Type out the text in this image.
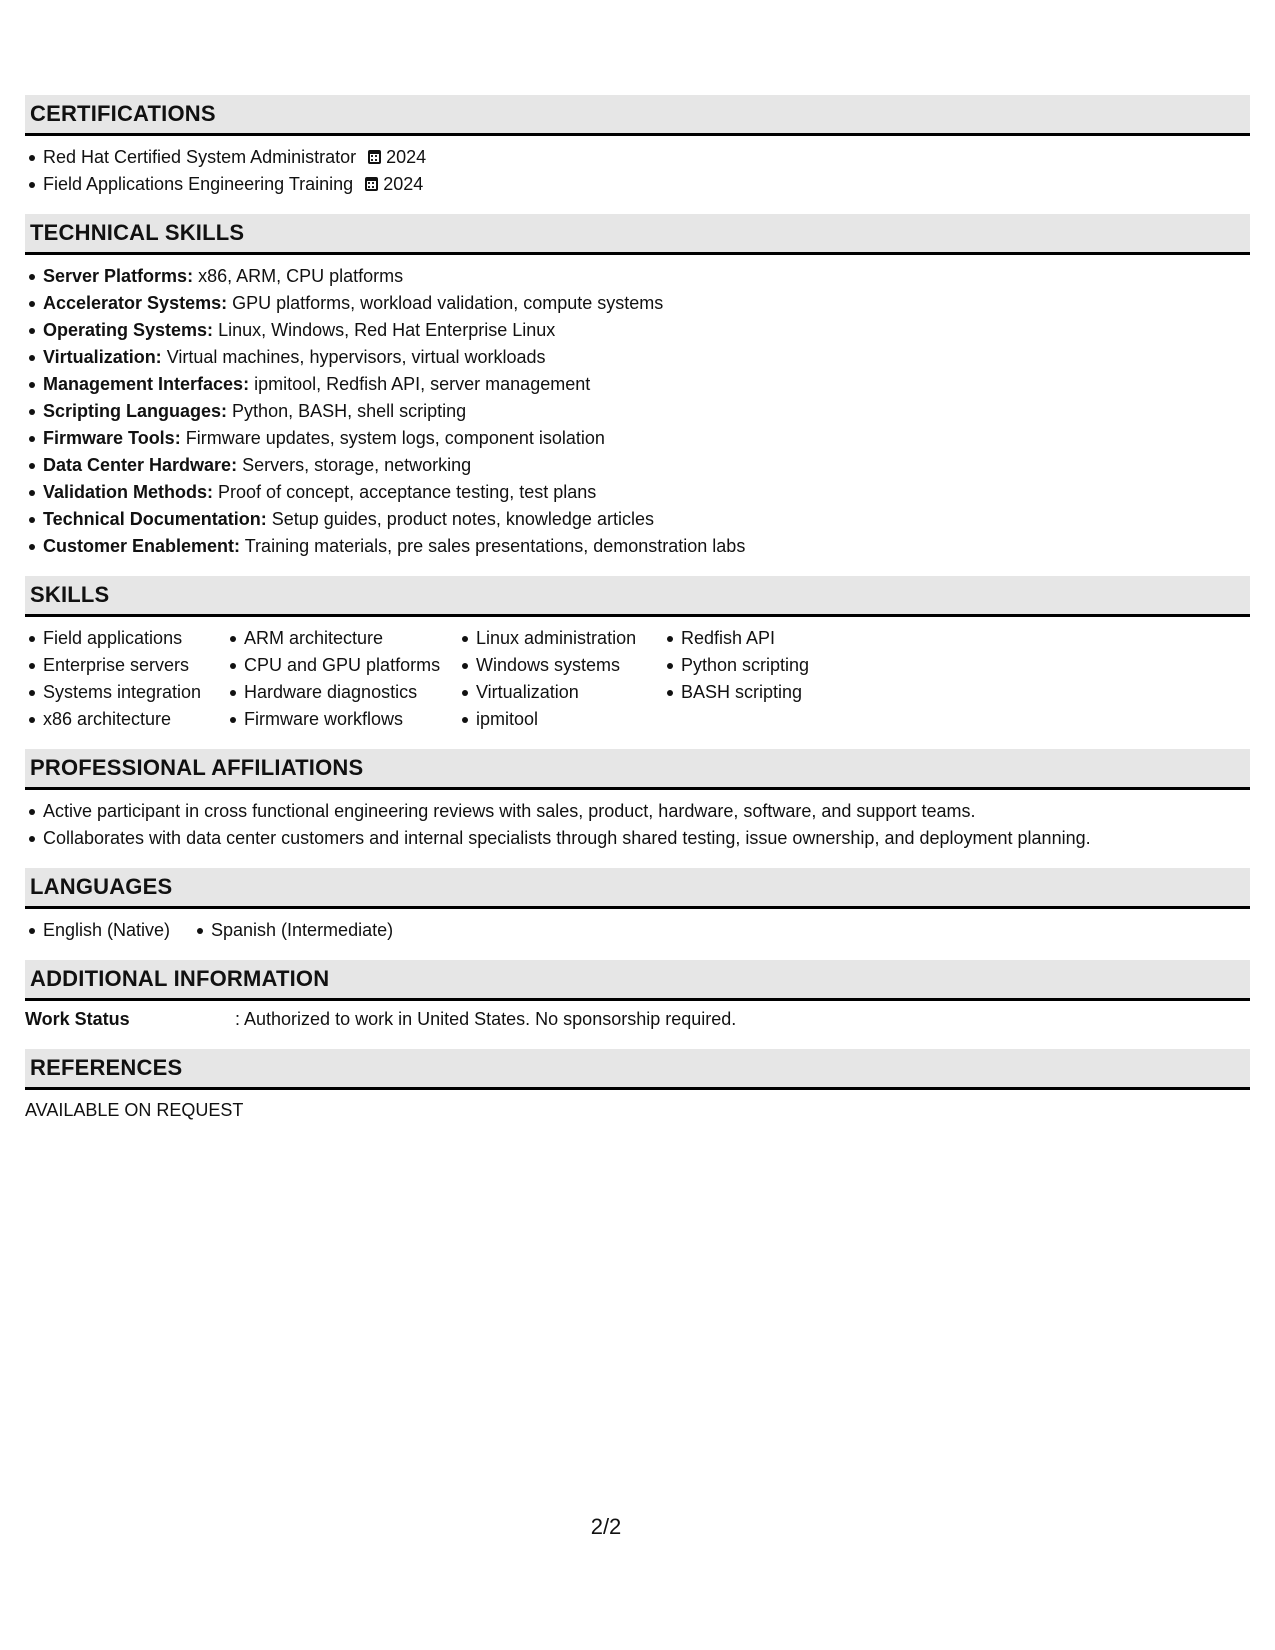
CERTIFICATIONS
Red Hat Certified System Administrator 2024
Field Applications Engineering Training 2024
TECHNICAL SKILLS
Server Platforms: x86, ARM, CPU platforms
Accelerator Systems: GPU platforms, workload validation, compute systems
Operating Systems: Linux, Windows, Red Hat Enterprise Linux
Virtualization: Virtual machines, hypervisors, virtual workloads
Management Interfaces: ipmitool, Redfish API, server management
Scripting Languages: Python, BASH, shell scripting
Firmware Tools: Firmware updates, system logs, component isolation
Data Center Hardware: Servers, storage, networking
Validation Methods: Proof of concept, acceptance testing, test plans
Technical Documentation: Setup guides, product notes, knowledge articles
Customer Enablement: Training materials, pre sales presentations, demonstration labs
SKILLS
Field applications
Enterprise servers
Systems integration
x86 architecture
ARM architecture
CPU and GPU platforms
Hardware diagnostics
Firmware workflows
Linux administration
Windows systems
Virtualization
ipmitool
Redfish API
Python scripting
BASH scripting
PROFESSIONAL AFFILIATIONS
Active participant in cross functional engineering reviews with sales, product, hardware, software, and support teams.
Collaborates with data center customers and internal specialists through shared testing, issue ownership, and deployment planning.
LANGUAGES
English (Native)	Spanish (Intermediate)
ADDITIONAL INFORMATION
Work Status	: Authorized to work in United States. No sponsorship required.
REFERENCES
AVAILABLE ON REQUEST
2/2
